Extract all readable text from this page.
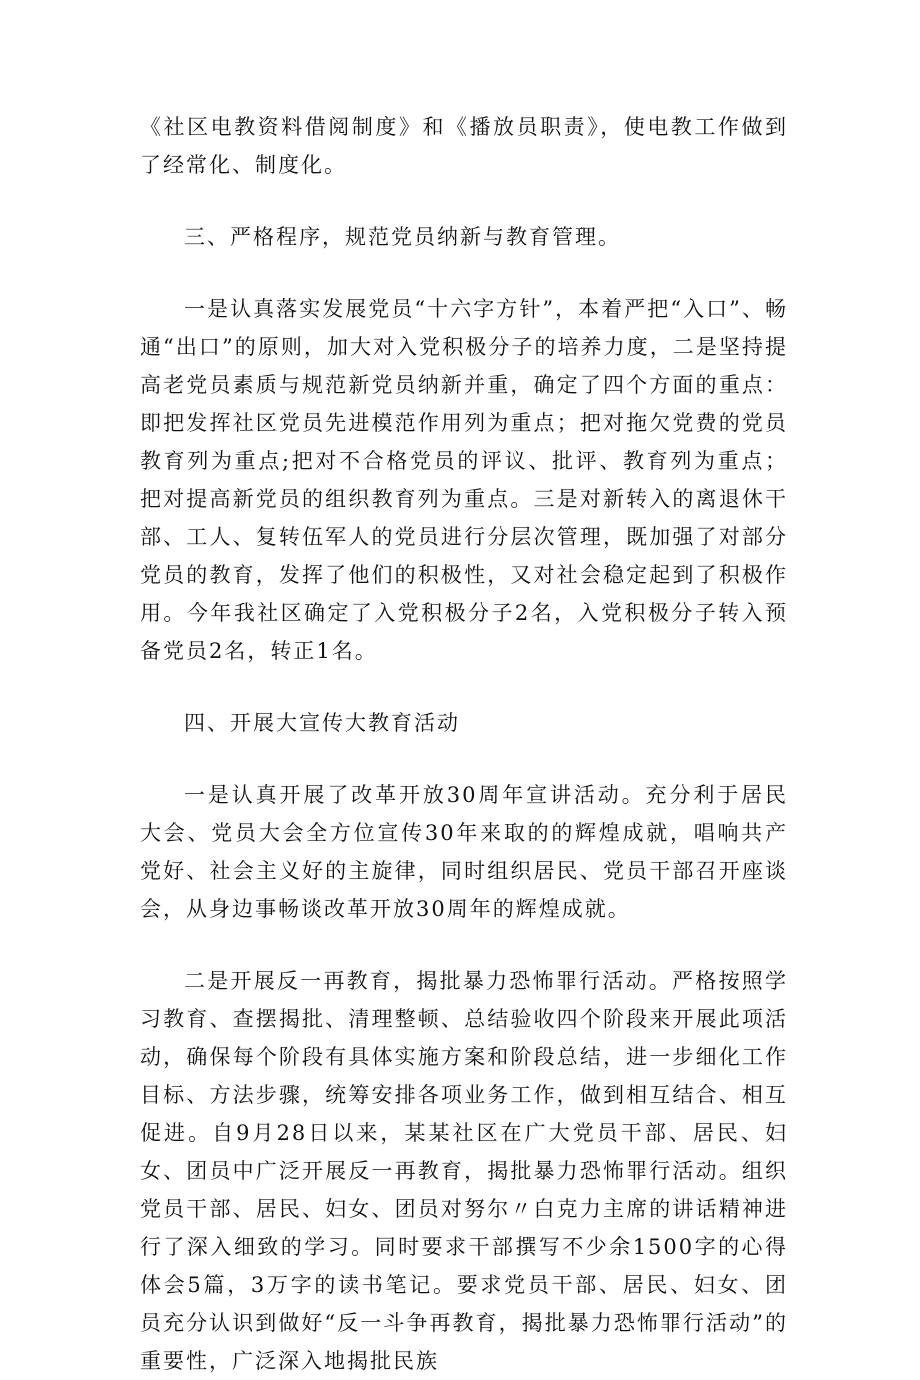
《社区电教资料借阅制度》和《播放员职责》，使电教工作做到了经常化、制度化。

三、严格程序，规范党员纳新与教育管理。

一是认真落实发展党员“十六字方针”，本着严把“入口”、畅通“出口”的原则，加大对入党积极分子的培养力度，二是坚持提高老党员素质与规范新党员纳新并重，确定了四个方面的重点：即把发挥社区党员先进模范作用列为重点；把对拖欠党费的党员教育列为重点;把对不合格党员的评议、批评、教育列为重点；把对提高新党员的组织教育列为重点。三是对新转入的离退休干部、工人、复转伍军人的党员进行分层次管理，既加强了对部分党员的教育，发挥了他们的积极性，又对社会稳定起到了积极作用。今年我社区确定了入党积极分子2名，入党积极分子转入预备党员2名，转正1名。

四、开展大宣传大教育活动

一是认真开展了改革开放30周年宣讲活动。充分利于居民大会、党员大会全方位宣传30年来取的的辉煌成就，唱响共产党好、社会主义好的主旋律，同时组织居民、党员干部召开座谈会，从身边事畅谈改革开放30周年的辉煌成就。

二是开展反一再教育，揭批暴力恐怖罪行活动。严格按照学习教育、查摆揭批、清理整顿、总结验收四个阶段来开展此项活动，确保每个阶段有具体实施方案和阶段总结，进一步细化工作目标、方法步骤，统筹安排各项业务工作，做到相互结合、相互促进。自9月28日以来，某某社区在广大党员干部、居民、妇女、团员中广泛开展反一再教育，揭批暴力恐怖罪行活动。组织党员干部、居民、妇女、团员对努尔〃白克力主席的讲话精神进行了深入细致的学习。同时要求干部撰写不少余1500字的心得体会5篇，3万字的读书笔记。要求党员干部、居民、妇女、团员充分认识到做好“反一斗争再教育，揭批暴力恐怖罪行活动”的重要性，广泛深入地揭批民族
